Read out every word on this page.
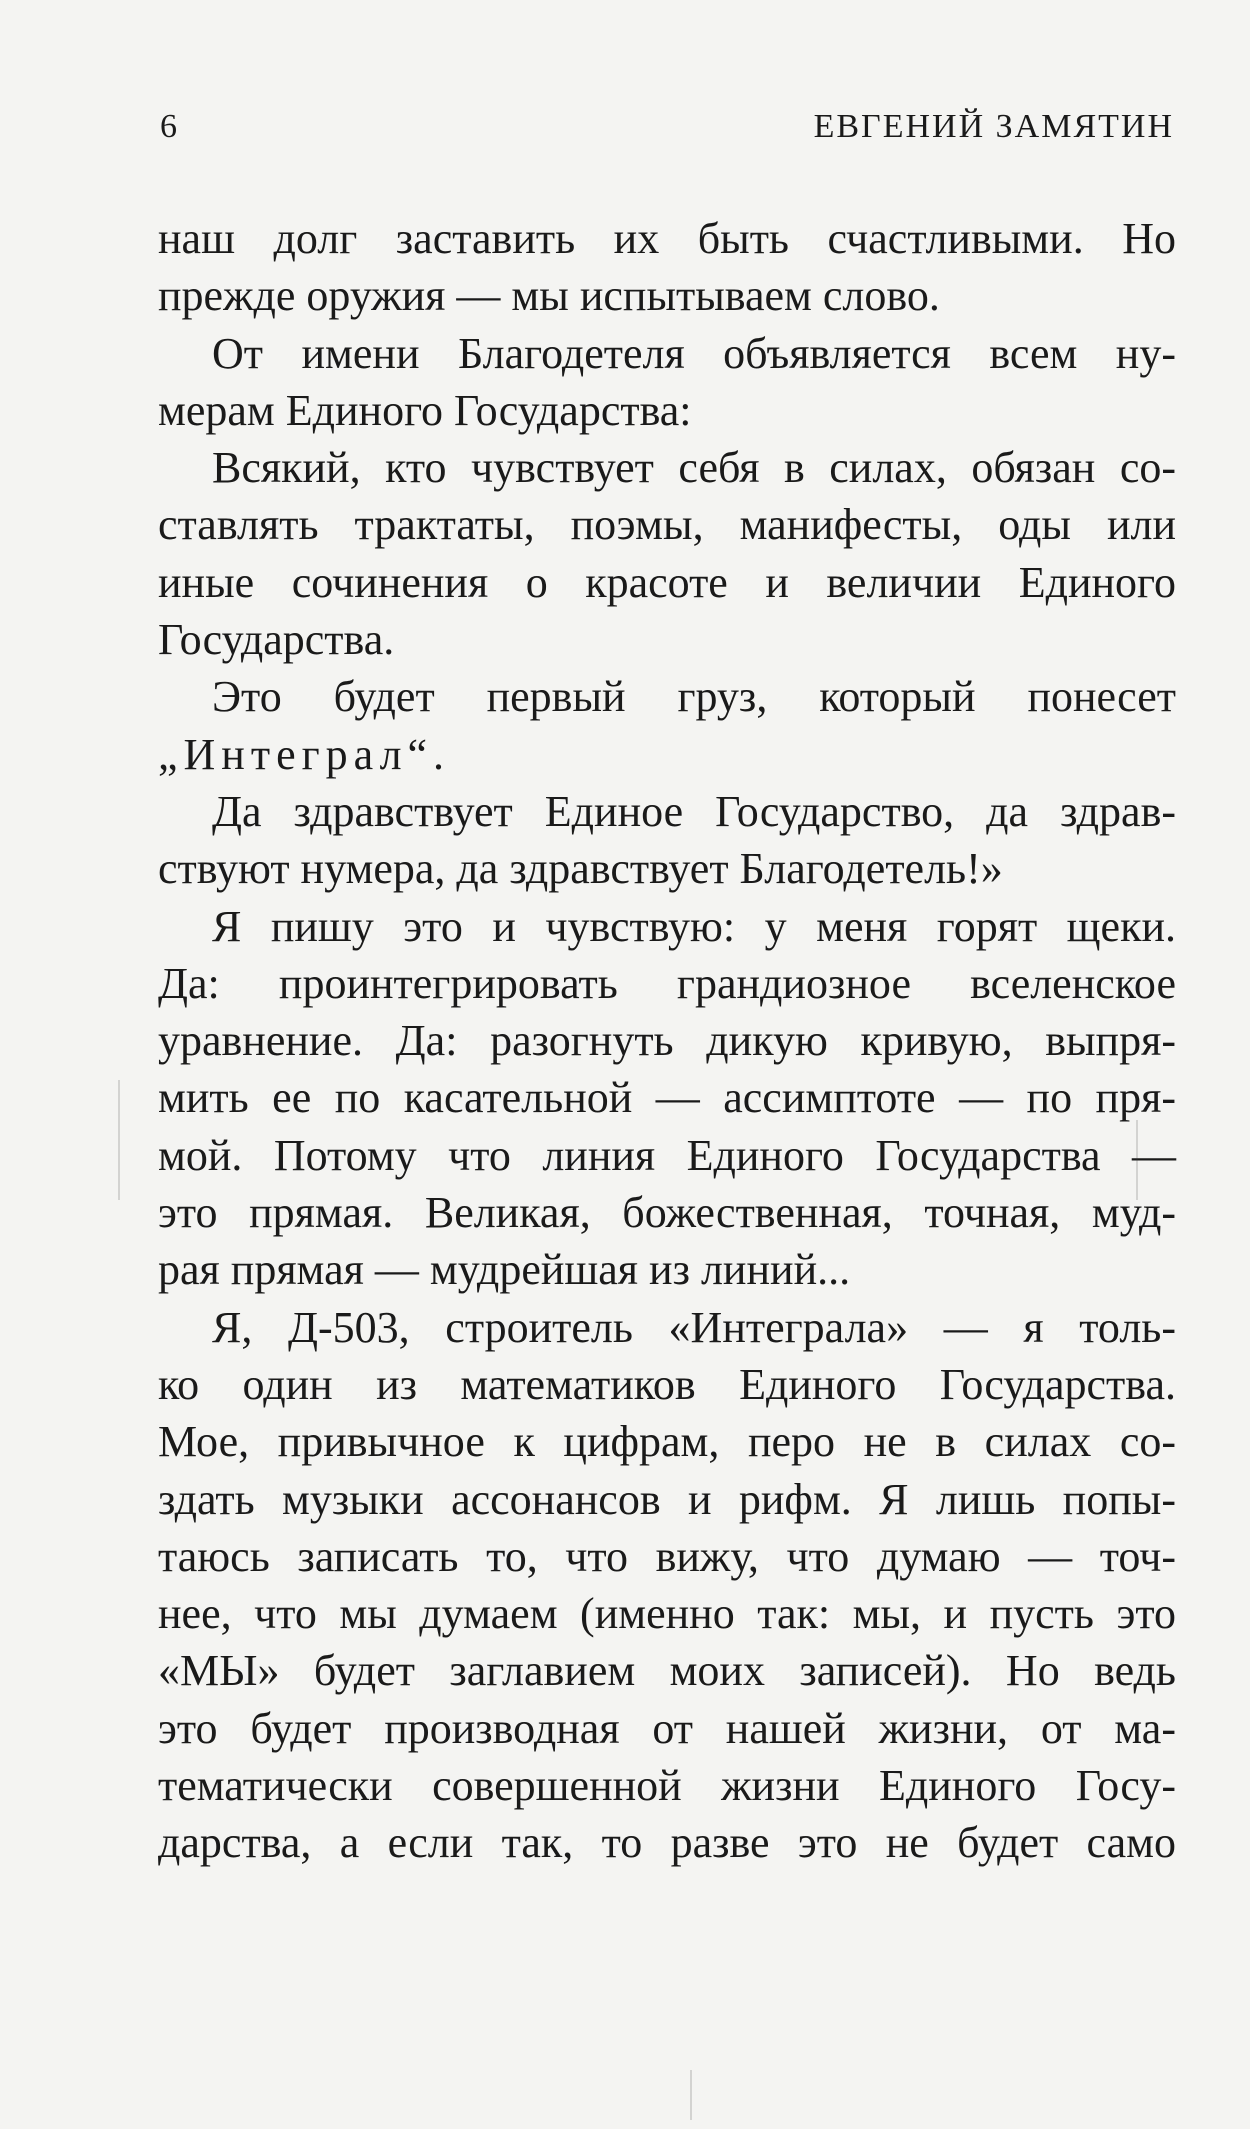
6	ЕВГЕНИЙ ЗАМЯТИН
наш долг заставить их быть счастливыми. Но
прежде оружия — мы испытываем слово.
От имени Благодетеля объявляется всем ну-
мерам Единого Государства:
Всякий, кто чувствует себя в силах, обязан со-
ставлять трактаты, поэмы, манифесты, оды или
иные сочинения о красоте и величии Единого
Государства.
Это будет первый груз, который понесет
„Интеграл“.
Да здравствует Единое Государство, да здрав-
ствуют нумера, да здравствует Благодетель!»
Я пишу это и чувствую: у меня горят щеки.
Да: проинтегрировать грандиозное вселенское
уравнение. Да: разогнуть дикую кривую, выпря-
мить ее по касательной — ассимптоте — по пря-
мой. Потому что линия Единого Государства —
это прямая. Великая, божественная, точная, муд-
рая прямая — мудрейшая из линий...
Я, Д-503, строитель «Интеграла» — я толь-
ко один из математиков Единого Государства.
Мое, привычное к цифрам, перо не в силах со-
здать музыки ассонансов и рифм. Я лишь попы-
таюсь записать то, что вижу, что думаю — точ-
нее, что мы думаем (именно так: мы, и пусть это
«МЫ» будет заглавием моих записей). Но ведь
это будет производная от нашей жизни, от ма-
тематически совершенной жизни Единого Госу-
дарства, а если так, то разве это не будет само
